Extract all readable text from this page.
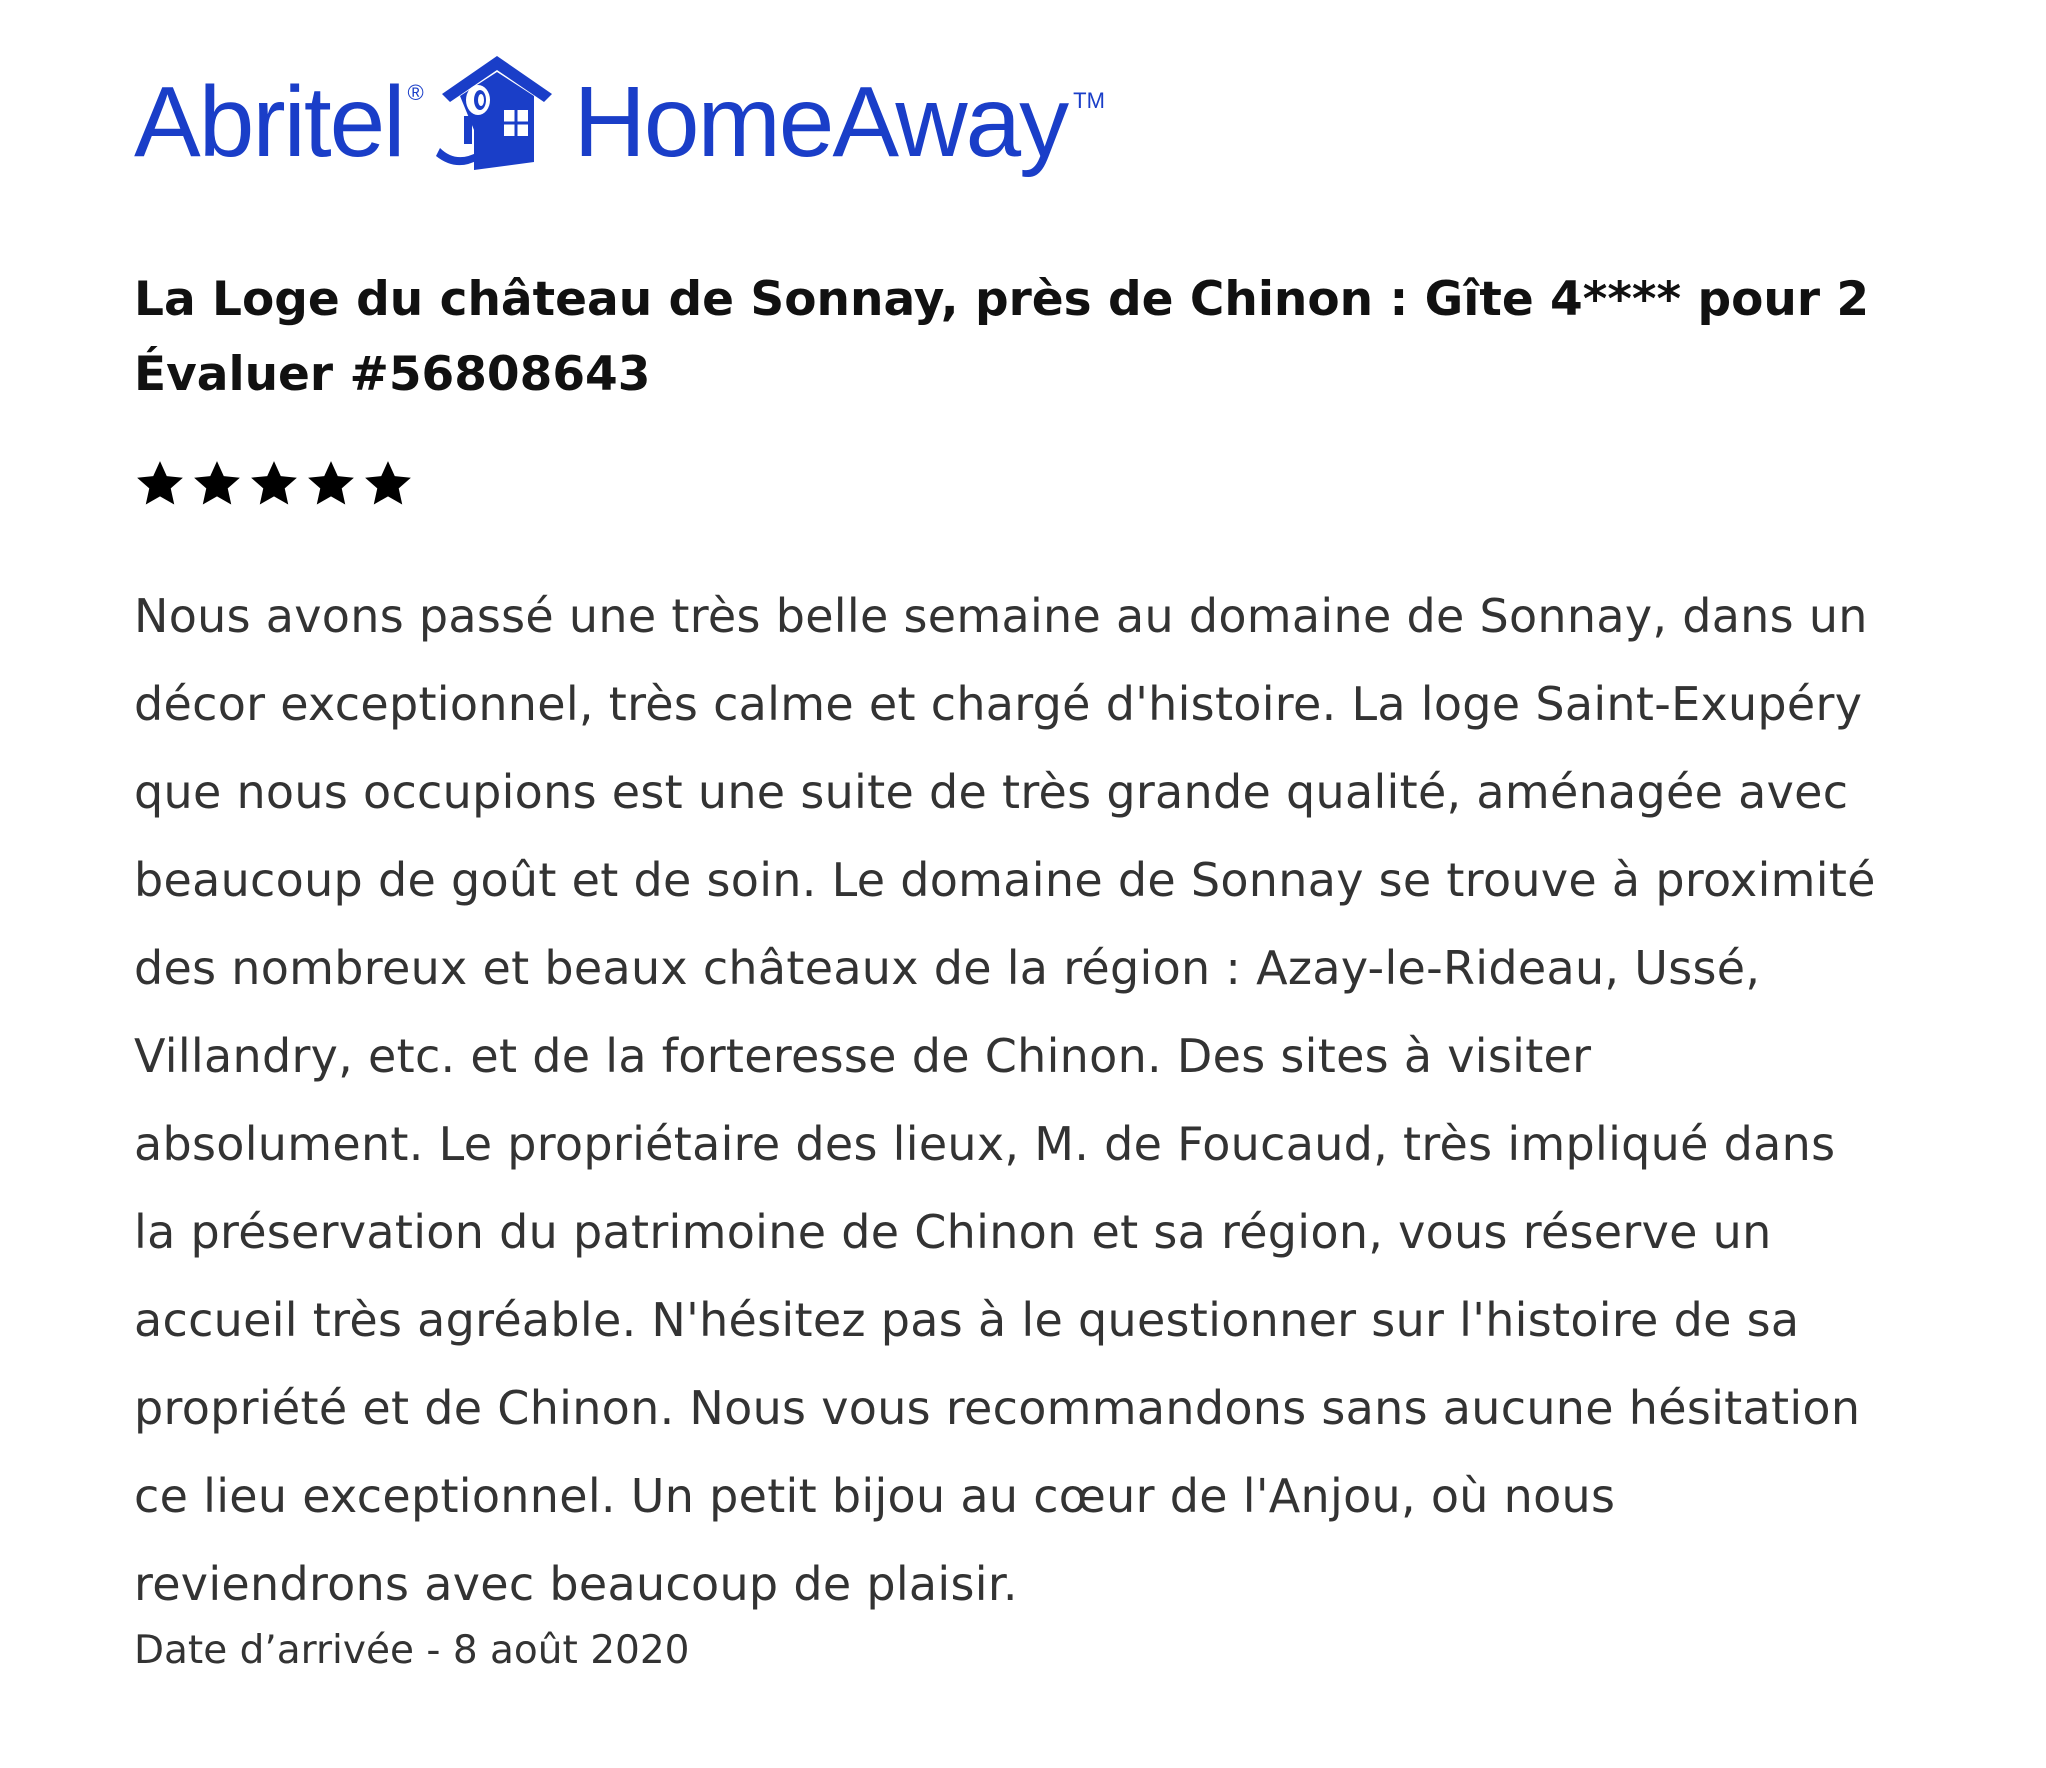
Abritel ® HomeAway TM
La Loge du château de Sonnay, près de Chinon : Gîte 4**** pour 2
Évaluer #56808643
Nous avons passé une très belle semaine au domaine de Sonnay, dans un
décor exceptionnel, très calme et chargé d'histoire. La loge Saint-Exupéry
que nous occupions est une suite de très grande qualité, aménagée avec
beaucoup de goût et de soin. Le domaine de Sonnay se trouve à proximité
des nombreux et beaux châteaux de la région : Azay-le-Rideau, Ussé,
Villandry, etc. et de la forteresse de Chinon. Des sites à visiter
absolument. Le propriétaire des lieux, M. de Foucaud, très impliqué dans
la préservation du patrimoine de Chinon et sa région, vous réserve un
accueil très agréable. N'hésitez pas à le questionner sur l'histoire de sa
propriété et de Chinon. Nous vous recommandons sans aucune hésitation
ce lieu exceptionnel. Un petit bijou au cœur de l'Anjou, où nous
reviendrons avec beaucoup de plaisir.
Date d’arrivée - 8 août 2020
